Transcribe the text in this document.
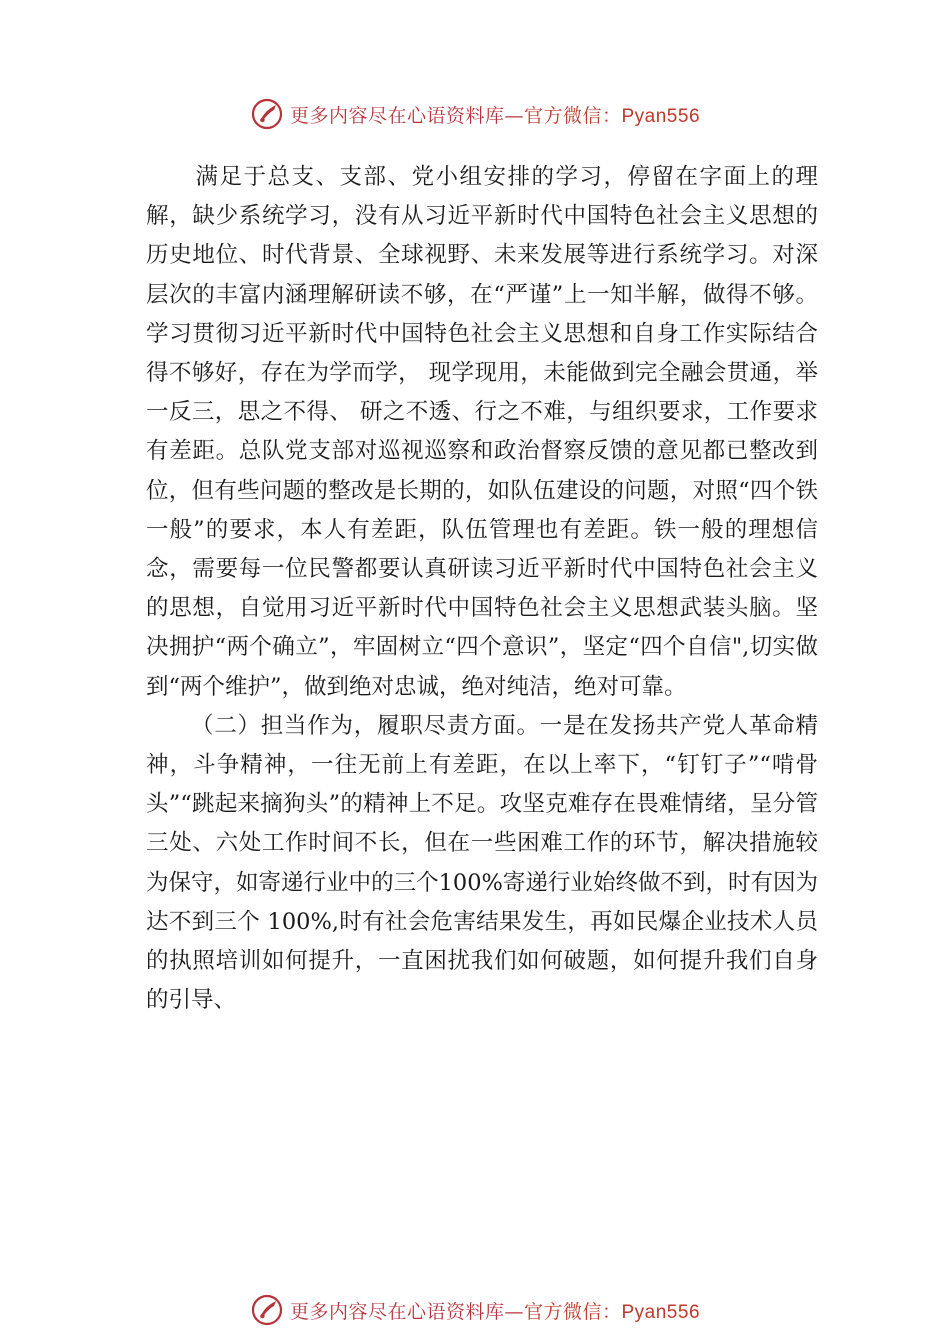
更多内容尽在心语资料库—官方微信：Pyan556

满足于总支、支部、党小组安排的学习，停留在字面上的理解，缺少系统学习，没有从习近平新时代中国特色社会主义思想的历史地位、时代背景、全球视野、未来发展等进行系统学习。对深层次的丰富内涵理解研读不够，在“严谨”上一知半解，做得不够。学习贯彻习近平新时代中国特色社会主义思想和自身工作实际结合得不够好，存在为学而学， 现学现用，未能做到完全融会贯通，举一反三，思之不得、 研之不透、行之不难，与组织要求，工作要求有差距。总队党支部对巡视巡察和政治督察反馈的意见都已整改到位，但有些问题的整改是长期的，如队伍建设的问题，对照“四个铁一般”的要求，本人有差距，队伍管理也有差距。铁一般的理想信念，需要每一位民警都要认真研读习近平新时代中国特色社会主义的思想，自觉用习近平新时代中国特色社会主义思想武装头脑。坚决拥护“两个确立”，牢固树立“四个意识”，坚定“四个自信",切实做到“两个维护”，做到绝对忠诚，绝对纯洁，绝对可靠。

（二）担当作为，履职尽责方面。一是在发扬共产党人革命精神，斗争精神，一往无前上有差距，在以上率下，“钉钉子”“啃骨头”“跳起来摘狗头”的精神上不足。攻坚克难存在畏难情绪，呈分管三处、六处工作时间不长，但在一些困难工作的环节，解决措施较为保守，如寄递行业中的三个100%寄递行业始终做不到，时有因为达不到三个 100%,时有社会危害结果发生，再如民爆企业技术人员的执照培训如何提升，一直困扰我们如何破题，如何提升我们自身的引导、

更多内容尽在心语资料库—官方微信：Pyan556
